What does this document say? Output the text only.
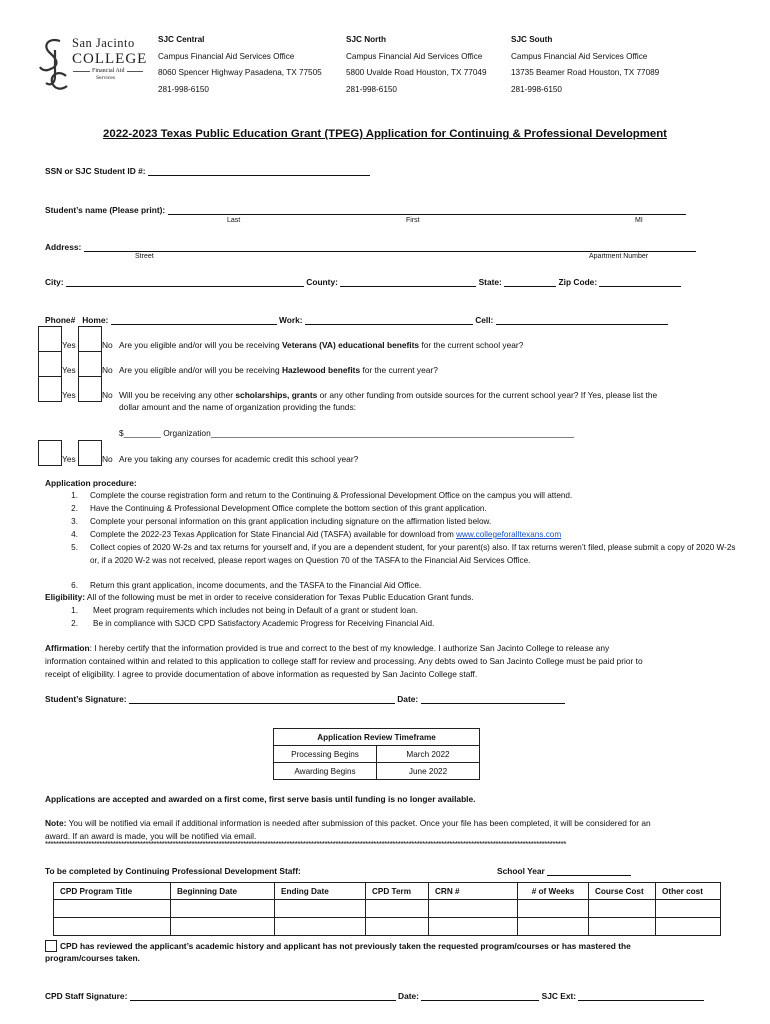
San Jacinto
COLLEGE
Financial Aid
Services
SJC Central
Campus Financial Aid Services Office
8060 Spencer Highway Pasadena, TX 77505
281-998-6150
SJC North
Campus Financial Aid Services Office
5800 Uvalde Road Houston, TX 77049
281-998-6150
SJC South
Campus Financial Aid Services Office
13735 Beamer Road Houston, TX 77089
281-998-6150
2022-2023 Texas Public Education Grant (TPEG) Application for Continuing & Professional Development
SSN or SJC Student ID #:
Student’s name (Please print):
Last	First	MI
Address:
Street	Apartment Number
City:	County:	State:	Zip Code:
Phone# Home:	Work:	Cell:
Yes	No Are you eligible and/or will you be receiving Veterans (VA) educational benefits for the current school year?
Yes	No Are you eligible and/or will you be receiving Hazlewood benefits for the current year?
Yes	No Will you be receiving any other scholarships, grants or any other funding from outside sources for the current school year? If Yes, please list the
dollar amount and the name of organization providing the funds:
$________ Organization______________________________________________________________________________
Yes	No Are you taking any courses for academic credit this school year?
Application procedure:
1. Complete the course registration form and return to the Continuing & Professional Development Office on the campus you will attend.
2. Have the Continuing & Professional Development Office complete the bottom section of this grant application.
3. Complete your personal information on this grant application including signature on the affirmation listed below.
4. Complete the 2022-23 Texas Application for State Financial Aid (TASFA) available for download from www.collegeforalltexans.com
5. Collect copies of 2020 W-2s and tax returns for yourself and, if you are a dependent student, for your parent(s) also. If tax returns weren’t filed, please submit a copy of 2020 W-2s or, if a 2020 W-2 was not received, please report wages on Question 70 of the TASFA to the Financial Aid Services Office.
6. Return this grant application, income documents, and the TASFA to the Financial Aid Office.
Eligibility: All of the following must be met in order to receive consideration for Texas Public Education Grant funds.
1. Meet program requirements which includes not being in Default of a grant or student loan.
2. Be in compliance with SJCD CPD Satisfactory Academic Progress for Receiving Financial Aid.
Affirmation: I hereby certify that the information provided is true and correct to the best of my knowledge. I authorize San Jacinto College to release any
information contained within and related to this application to college staff for review and processing. Any debts owed to San Jacinto College must be paid prior to
receipt of eligibility. I agree to provide documentation of above information as requested by San Jacinto College staff.
Student’s Signature:	Date:
Application Review Timeframe	
Processing Begins	March 2022
Awarding Begins	June 2022
Applications are accepted and awarded on a first come, first serve basis until funding is no longer available.
Note: You will be notified via email if additional information is needed after submission of this packet. Once your file has been completed, it will be considered for an
award. If an award is made, you will be notified via email.
************************************************************************************************************************************************************************************************
To be completed by Continuing Professional Development Staff:	School Year
CPD Program Title	Beginning Date	Ending Date	CPD Term	CRN #	# of Weeks	Course Cost	Other cost

CPD has reviewed the applicant’s academic history and applicant has not previously taken the requested program/courses or has mastered the
program/courses taken.
CPD Staff Signature:	Date:	SJC Ext:
